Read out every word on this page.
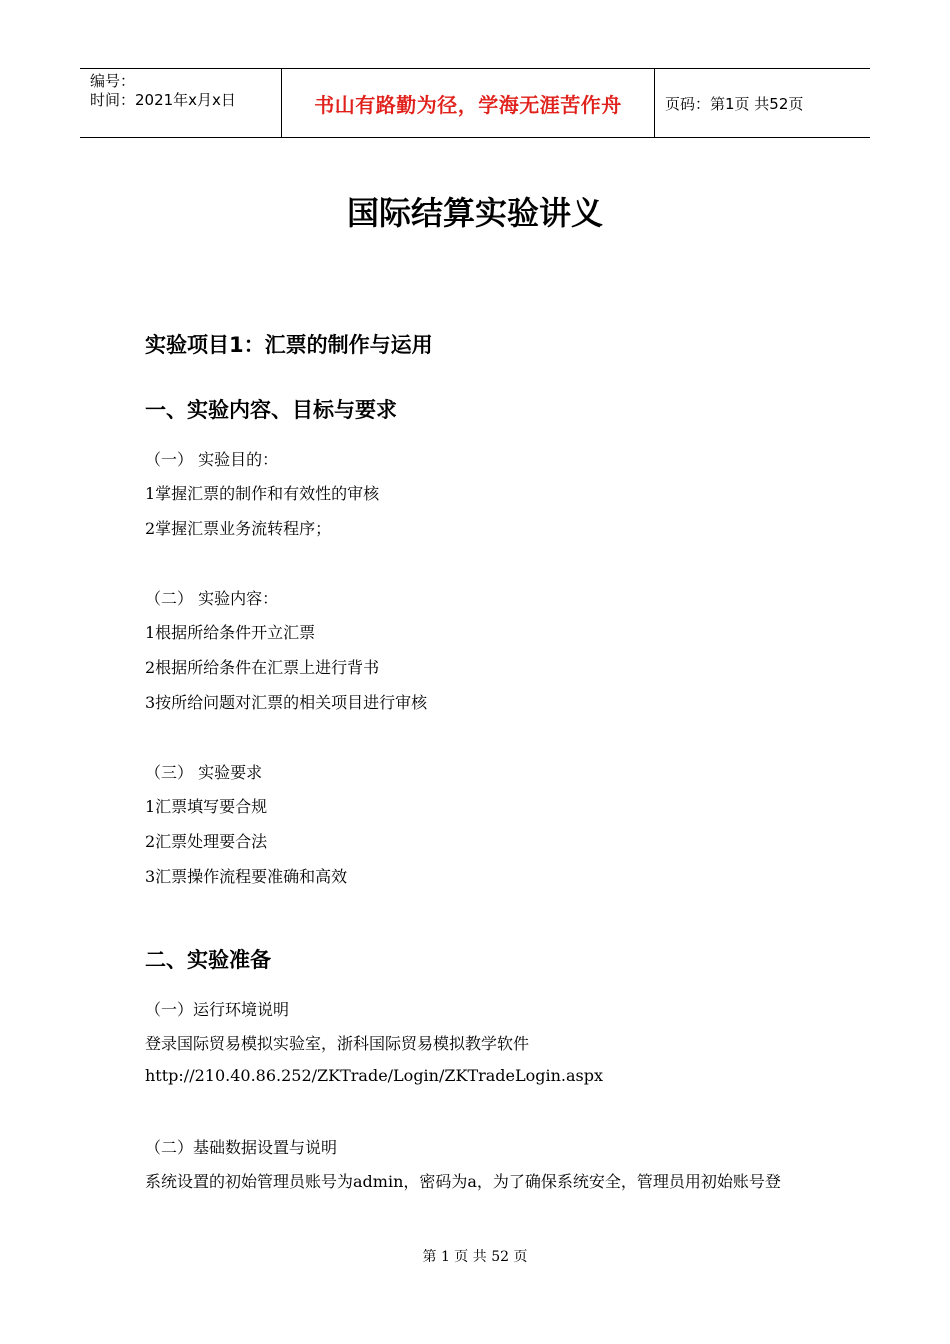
编号：
时间：2021年x月x日	书山有路勤为径，学海无涯苦作舟	页码：第1页 共52页
国际结算实验讲义
实验项目1：汇票的制作与运用
一、实验内容、目标与要求
（一） 实验目的：
1掌握汇票的制作和有效性的审核
2掌握汇票业务流转程序；
（二） 实验内容：
1根据所给条件开立汇票
2根据所给条件在汇票上进行背书
3按所给问题对汇票的相关项目进行审核
（三） 实验要求
1汇票填写要合规
2汇票处理要合法
3汇票操作流程要准确和高效
二、实验准备
（一）运行环境说明
登录国际贸易模拟实验室，浙科国际贸易模拟教学软件
http://210.40.86.252/ZKTrade/Login/ZKTradeLogin.aspx
（二）基础数据设置与说明
系统设置的初始管理员账号为admin，密码为a，为了确保系统安全，管理员用初始账号登
第 1 页 共 52 页
